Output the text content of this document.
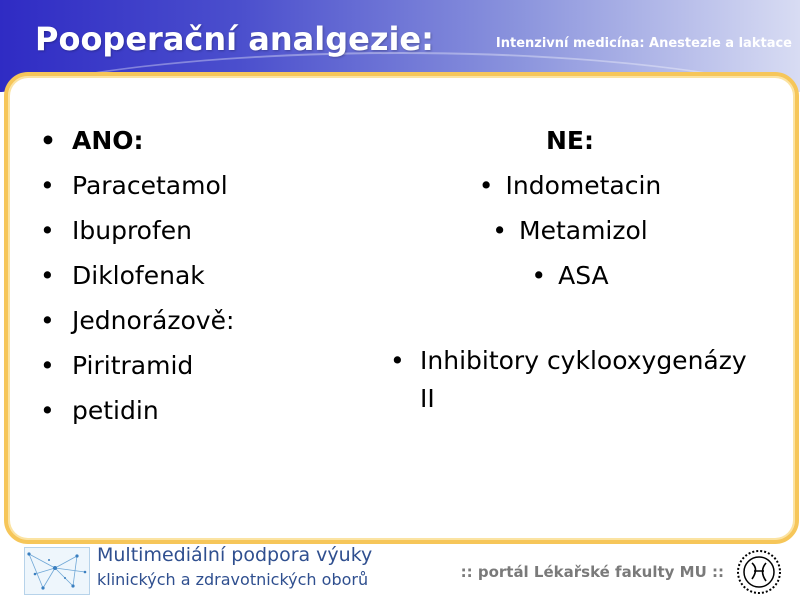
Pooperační analgezie:	Intenzivní medicína: Anestezie a laktace
• ANO:
• Paracetamol
• Ibuprofen
• Diklofenak
• Jednorázově:
• Piritramid
• petidin
NE:
• Indometacin
• Metamizol
• ASA
• Inhibitory cyklooxygenázy II
Multimediální podpora výuky
klinických a zdravotnických oborů	:: portál Lékařské fakulty MU ::
